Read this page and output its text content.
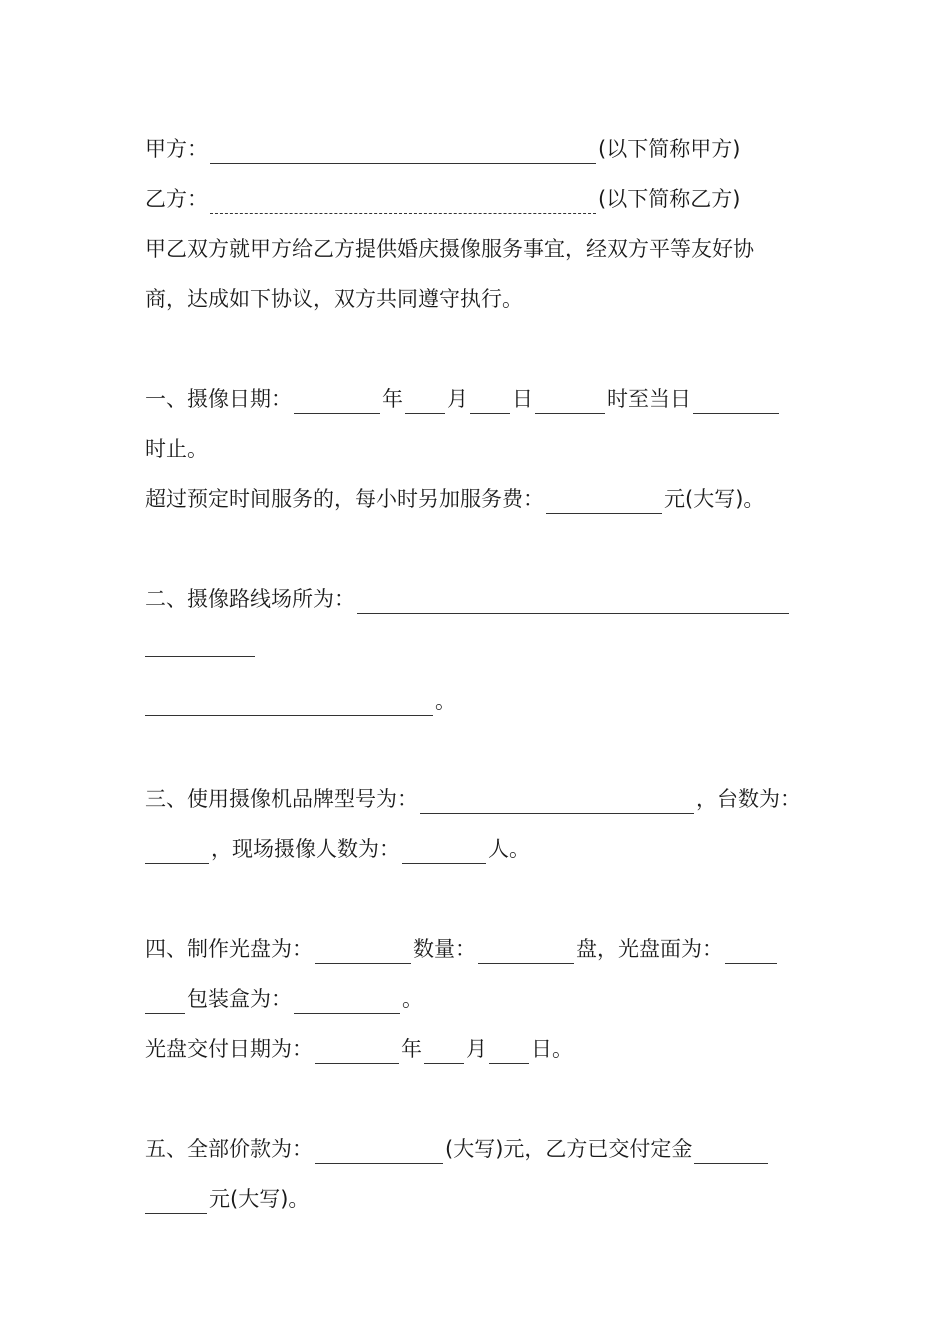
甲方：	(以下简称甲方)
乙方：	(以下简称乙方)
甲乙双方就甲方给乙方提供婚庆摄像服务事宜，经双方平等友好协
商，达成如下协议，双方共同遵守执行。
一、摄像日期：	年 月 日	时至当日
时止。
超过预定时间服务的，每小时另加服务费：	元(大写)。
二、摄像路线场所为：
。
三、使用摄像机品牌型号为：	，台数为：
，现场摄像人数为：	人。
四、制作光盘为：	数量：	盘，光盘面为：
包装盒为：	。
光盘交付日期为：	年 月 日。
五、全部价款为：	(大写)元，乙方已交付定金
元(大写)。
